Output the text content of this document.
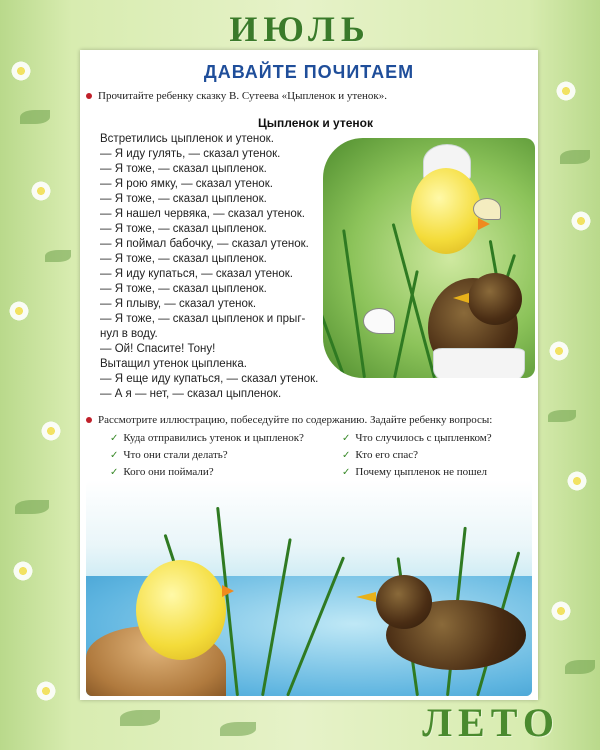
ИЮЛЬ
ДАВАЙТЕ ПОЧИТАЕМ
Прочитайте ребенку сказку В. Сутеева «Цыпленок и утенок».
Цыпленок и утенок
Встретились цыпленок и утенок.
— Я иду гулять, — сказал утенок.
— Я тоже, — сказал цыпленок.
— Я рою ямку, — сказал утенок.
— Я тоже, — сказал цыпленок.
— Я нашел червяка, — сказал утенок.
— Я тоже, — сказал цыпленок.
— Я поймал бабочку, — сказал утенок.
— Я тоже, — сказал цыпленок.
— Я иду купаться, — сказал утенок.
— Я тоже, — сказал цыпленок.
— Я плыву, — сказал утенок.
— Я тоже, — сказал цыпленок и прыг-
нул в воду.
— Ой! Спасите! Тону!
Вытащил утенок цыпленка.
— Я еще иду купаться, — сказал утенок.
— А я — нет, — сказал цыпленок.
Рассмотрите иллюстрацию, побеседуйте по содержанию. Задайте ребенку вопросы:
✓ Куда отправились утенок и цыпленок?
✓ Что они стали делать?
✓ Кого они поймали?
✓ Что случилось с цыпленком?
✓ Кто его спас?
✓ Почему цыпленок не пошел
ЛЕТО
